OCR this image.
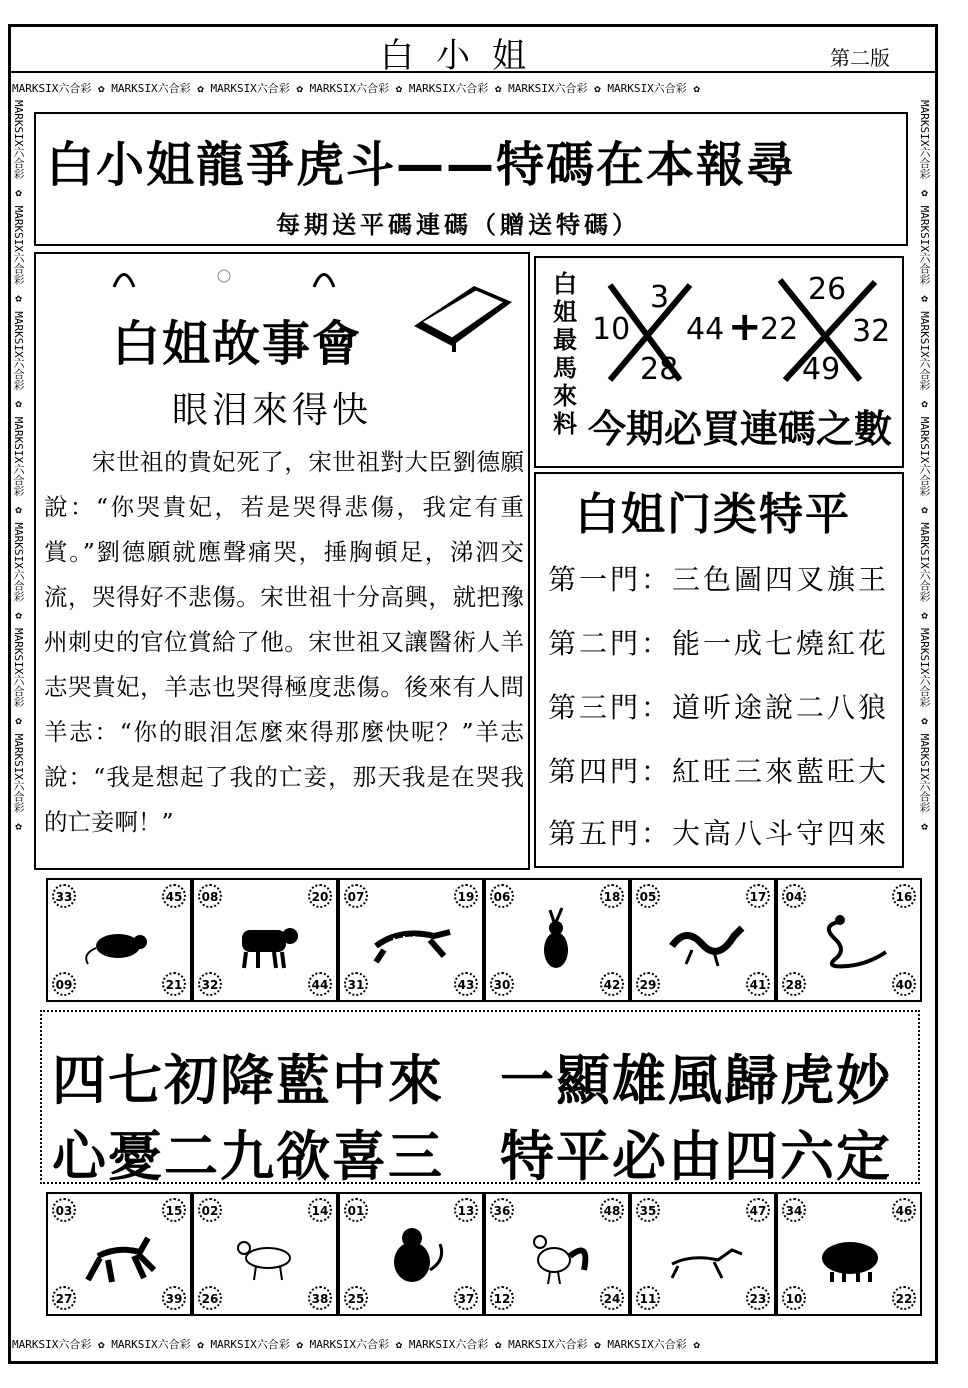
白小姐	第二版
MARKSIX六合彩 ✿ MARKSIX六合彩 ✿ MARKSIX六合彩 ✿ MARKSIX六合彩 ✿ MARKSIX六合彩 ✿ MARKSIX六合彩 ✿ MARKSIX六合彩 ✿
MARKSIX六合彩 ✿ MARKSIX六合彩 ✿ MARKSIX六合彩 ✿ MARKSIX六合彩 ✿ MARKSIX六合彩 ✿ MARKSIX六合彩 ✿ MARKSIX六合彩 ✿
MARKSIX六合彩 ✿ MARKSIX六合彩 ✿ MARKSIX六合彩 ✿ MARKSIX六合彩 ✿ MARKSIX六合彩 ✿ MARKSIX六合彩 ✿ MARKSIX六合彩 ✿	MARKSIX六合彩 ✿ MARKSIX六合彩 ✿ MARKSIX六合彩 ✿ MARKSIX六合彩 ✿ MARKSIX六合彩 ✿ MARKSIX六合彩 ✿ MARKSIX六合彩 ✿
白小姐龍爭虎斗——特碼在本報尋
每期送平碼連碼（贈送特碼）
白姐故事會
眼泪來得快
宋世祖的貴妃死了，宋世祖對大臣劉德願說：“你哭貴妃，若是哭得悲傷，我定有重賞。”劉德願就應聲痛哭，捶胸頓足，涕泗交流，哭得好不悲傷。宋世祖十分高興，就把豫州刺史的官位賞給了他。宋世祖又讓醫術人羊志哭貴妃，羊志也哭得極度悲傷。後來有人問羊志：“你的眼泪怎麼來得那麼快呢？”羊志說：“我是想起了我的亡妾，那天我是在哭我的亡妾啊！”
白姐最馬來料
3
10 44
28
+
26
22 32
49
今期必買連碼之數
白姐门类特平
第一門：三色圖四叉旗王
第二門：能一成七燒紅花
第三門：道听途說二八狼
第四門：紅旺三來藍旺大
第五門：大高八斗守四來
33	45
09	21
08	20
32	44
07	19
31	43
06	18
30	42
05	17
29	41
04	16
28	40
四七初降藍中來　一顯雄風歸虎妙
心憂二九欲喜三　特平必由四六定
03	15
27	39
02	14
26	38
01	13
25	37
36	48
12	24
35	47
11	23
34	46
10	22
